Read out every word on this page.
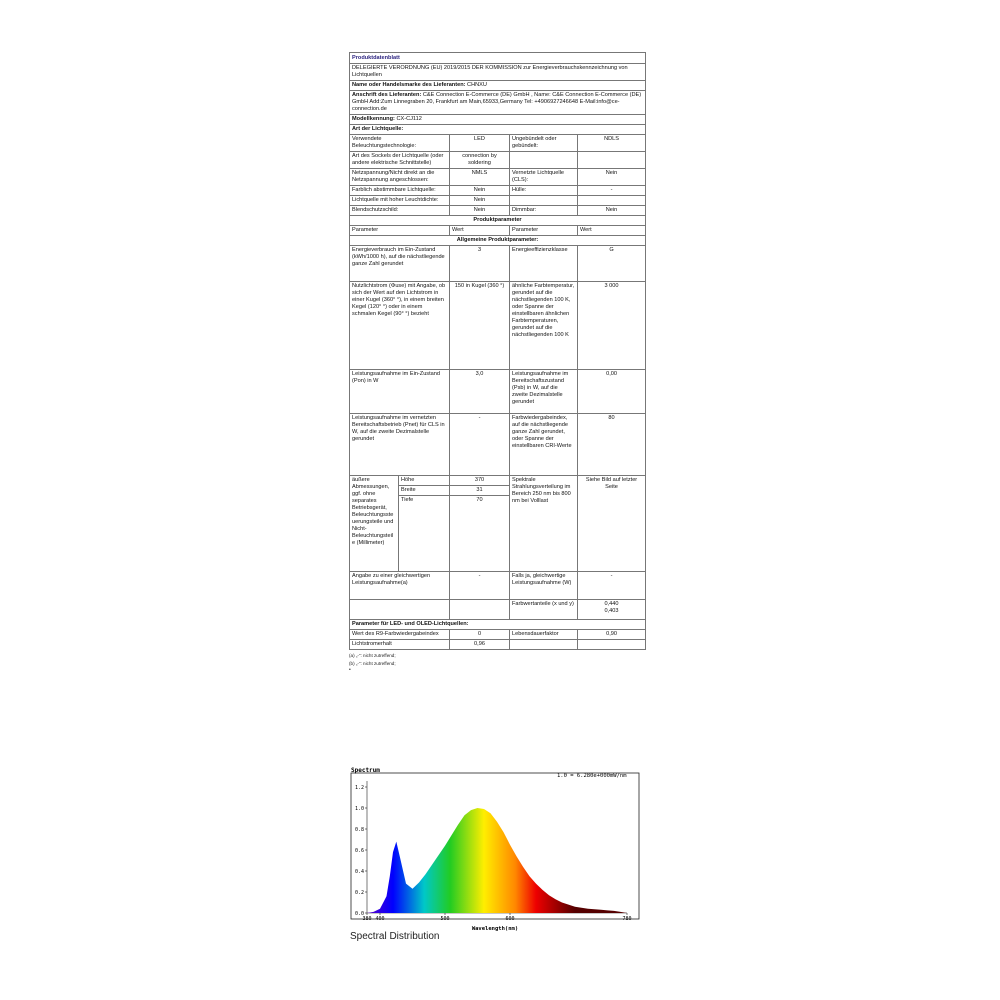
Produktdatenblatt				
DELEGIERTE VERORDNUNG (EU) 2019/2015 DER KOMMISSION zur Energieverbrauchskennzeichnung von Lichtquellen				
Name oder Handelsmarke des Lieferanten: CHNXU				
Anschrift des Lieferanten: C&E Connection E-Commerce (DE) GmbH , Name: C&E Connection E-Commerce (DE) GmbH Add:Zum Linnegraben 20, Frankfurt am Main,65933,Germany Tel: +4906927246648 E-Mail:info@ce-connection.de				
Modellkennung: CX-CJ112				
Art der Lichtquelle:				
Verwendete Beleuchtungstechnologie:		LED	Ungebündelt oder gebündelt:	NDLS
Art des Sockels der Lichtquelle (oder andere elektrische Schnittstelle)		connection by soldering		
Netzspannung/Nicht direkt an die Netzspannung angeschlossen:		NMLS	Vernetzte Lichtquelle (CLS):	Nein
Farblich abstimmbare Lichtquelle:		Nein	Hülle:	-
Lichtquelle mit hoher Leuchtdichte:		Nein		
Blendschutzschild:		Nein	Dimmbar:	Nein
Produktparameter				
Parameter		Wert	Parameter	Wert
Allgemeine Produktparameter:				
Energieverbrauch im Ein-Zustand (kWh/1000 h), auf die nächstliegende ganze Zahl gerundet		3	Energieeffizienzklasse	G
Nutzlichtstrom (Φuse) mit Angabe, ob sich der Wert auf den Lichtstrom in einer Kugel (360° °), in einem breiten Kegel (120° °) oder in einem schmalen Kegel (90° °) bezieht		150 in Kugel (360 °)	ähnliche Farbtemperatur, gerundet auf die nächstliegenden 100 K, oder Spanne der einstellbaren ähnlichen Farbtemperaturen, gerundet auf die nächstliegenden 100 K	3 000
Leistungsaufnahme im Ein-Zustand (Pon) in W		3,0	Leistungsaufnahme im Bereitschaftszustand (Psb) in W, auf die zweite Dezimalstelle gerundet	0,00
Leistungsaufnahme im vernetzten Bereitschaftsbetrieb (Pnet) für CLS in W, auf die zweite Dezimalstelle gerundet		-	Farbwiedergabeindex, auf die nächstliegende ganze Zahl gerundet, oder Spanne der einstellbaren CRI-Werte	80
äußere Abmessungen, ggf. ohne separates Betriebsgerät, Beleuchtungssteuerungsteile und Nicht-Beleuchtungsteile (Millimeter)	Höhe	370	Spektrale Strahlungsverteilung im Bereich 250 nm bis 800 nm bei Volllast	Siehe Bild auf letzter Seite
	Breite	31		
	Tiefe	70		
Angabe zu einer gleichwertigen Leistungsaufnahme(a)		-	Falls ja, gleichwertige Leistungsaufnahme (W)	-
			Farbwertanteile (x und y)	0,440
0,403

Parameter für LED- und OLED-Lichtquellen:				
Wert des R9-Farbwiedergabeindex		0	Lebensdauerfaktor	0,90
Lichtstromerhalt		0,96		
(a) „-“: nicht zutreffend;
(b) „-“: nicht zutreffend;
•
Spectrum
1.0 = 6.280e+000mW/nm
0.0
0.2
0.4
0.6
0.8
1.0
1.2
380 400	500	600	780
Wavelength(nm)
Spectral Distribution
